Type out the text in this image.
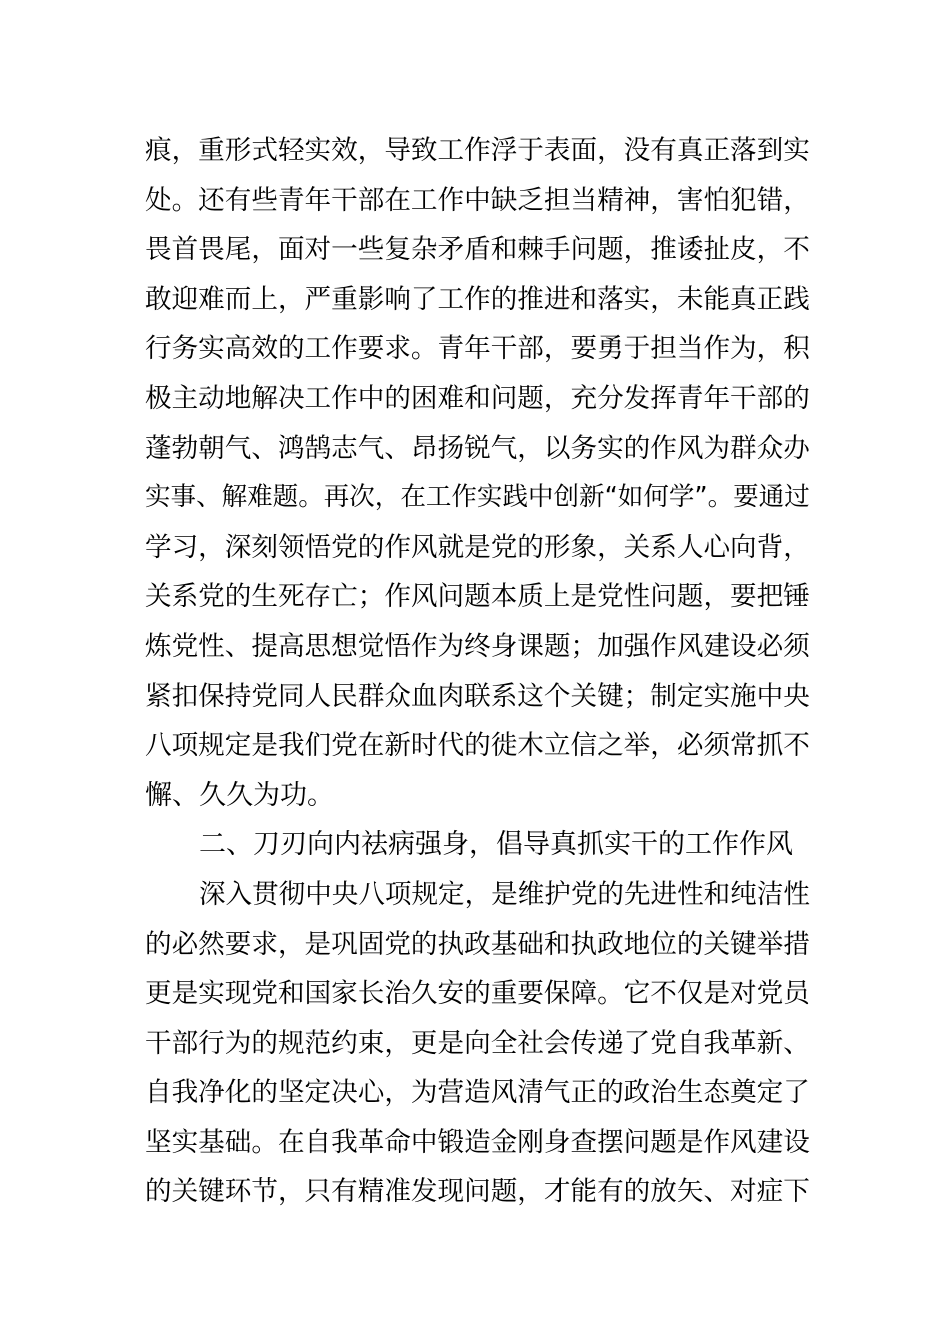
痕，重形式轻实效，导致工作浮于表面，没有真正落到实
处。还有些青年干部在工作中缺乏担当精神，害怕犯错，
畏首畏尾，面对一些复杂矛盾和棘手问题，推诿扯皮，不
敢迎难而上，严重影响了工作的推进和落实，未能真正践
行务实高效的工作要求。青年干部，要勇于担当作为，积
极主动地解决工作中的困难和问题，充分发挥青年干部的
蓬勃朝气、鸿鹄志气、昂扬锐气，以务实的作风为群众办
实事、解难题。再次，在工作实践中创新“如何学”。要通过
学习，深刻领悟党的作风就是党的形象，关系人心向背，
关系党的生死存亡；作风问题本质上是党性问题，要把锤
炼党性、提高思想觉悟作为终身课题；加强作风建设必须
紧扣保持党同人民群众血肉联系这个关键；制定实施中央
八项规定是我们党在新时代的徙木立信之举，必须常抓不
懈、久久为功。
二、刀刃向内祛病强身，倡导真抓实干的工作作风
深入贯彻中央八项规定，是维护党的先进性和纯洁性
的必然要求，是巩固党的执政基础和执政地位的关键举措
更是实现党和国家长治久安的重要保障。它不仅是对党员
干部行为的规范约束，更是向全社会传递了党自我革新、
自我净化的坚定决心，为营造风清气正的政治生态奠定了
坚实基础。在自我革命中锻造金刚身查摆问题是作风建设
的关键环节，只有精准发现问题，才能有的放矢、对症下
